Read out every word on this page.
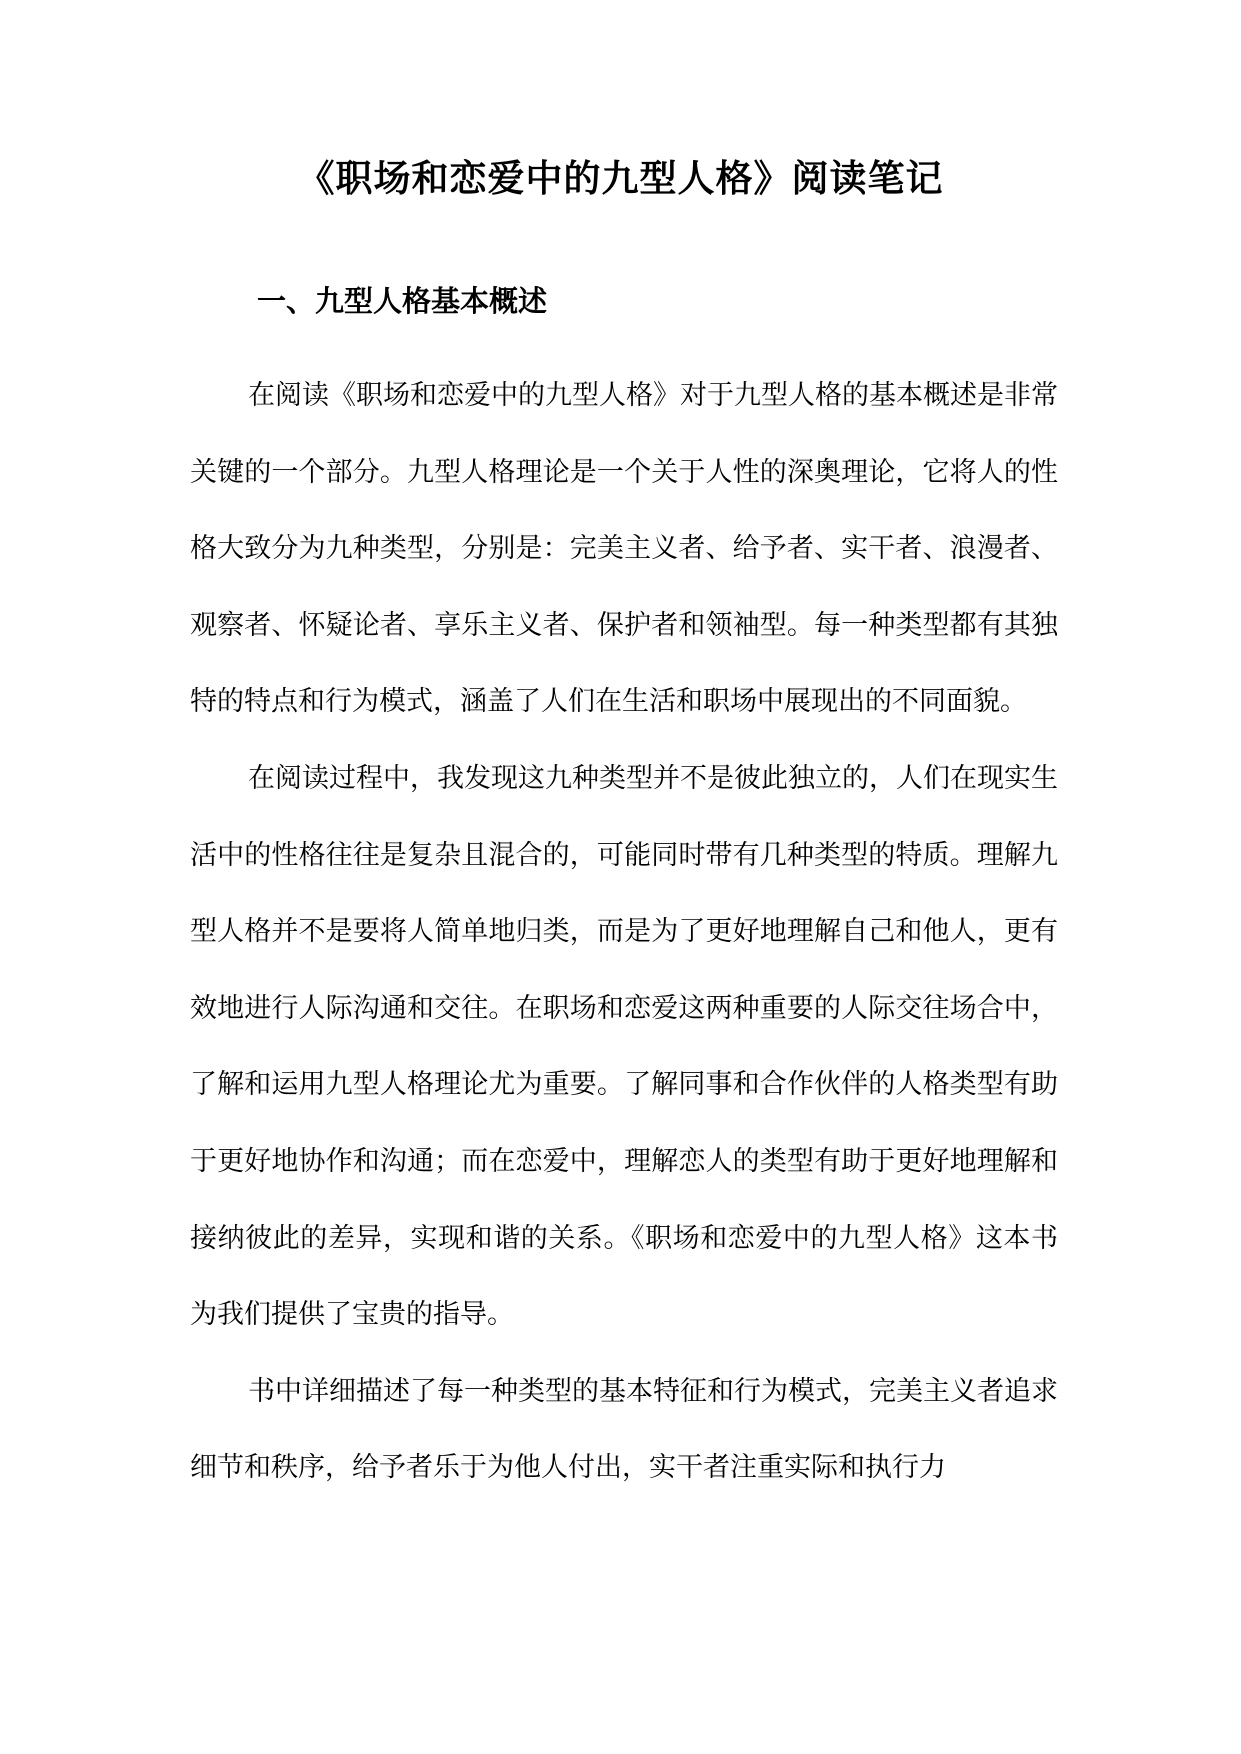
《职场和恋爱中的九型人格》阅读笔记
一、九型人格基本概述

在阅读《职场和恋爱中的九型人格》对于九型人格的基本概述是非常关键的一个部分。九型人格理论是一个关于人性的深奥理论，它将人的性格大致分为九种类型，分别是：完美主义者、给予者、实干者、浪漫者、观察者、怀疑论者、享乐主义者、保护者和领袖型。每一种类型都有其独特的特点和行为模式，涵盖了人们在生活和职场中展现出的不同面貌。

在阅读过程中，我发现这九种类型并不是彼此独立的，人们在现实生活中的性格往往是复杂且混合的，可能同时带有几种类型的特质。理解九型人格并不是要将人简单地归类，而是为了更好地理解自己和他人，更有效地进行人际沟通和交往。在职场和恋爱这两种重要的人际交往场合中，了解和运用九型人格理论尤为重要。了解同事和合作伙伴的人格类型有助于更好地协作和沟通；而在恋爱中，理解恋人的类型有助于更好地理解和接纳彼此的差异，实现和谐的关系。《职场和恋爱中的九型人格》这本书为我们提供了宝贵的指导。

书中详细描述了每一种类型的基本特征和行为模式，完美主义者追求细节和秩序，给予者乐于为他人付出，实干者注重实际和执行力
